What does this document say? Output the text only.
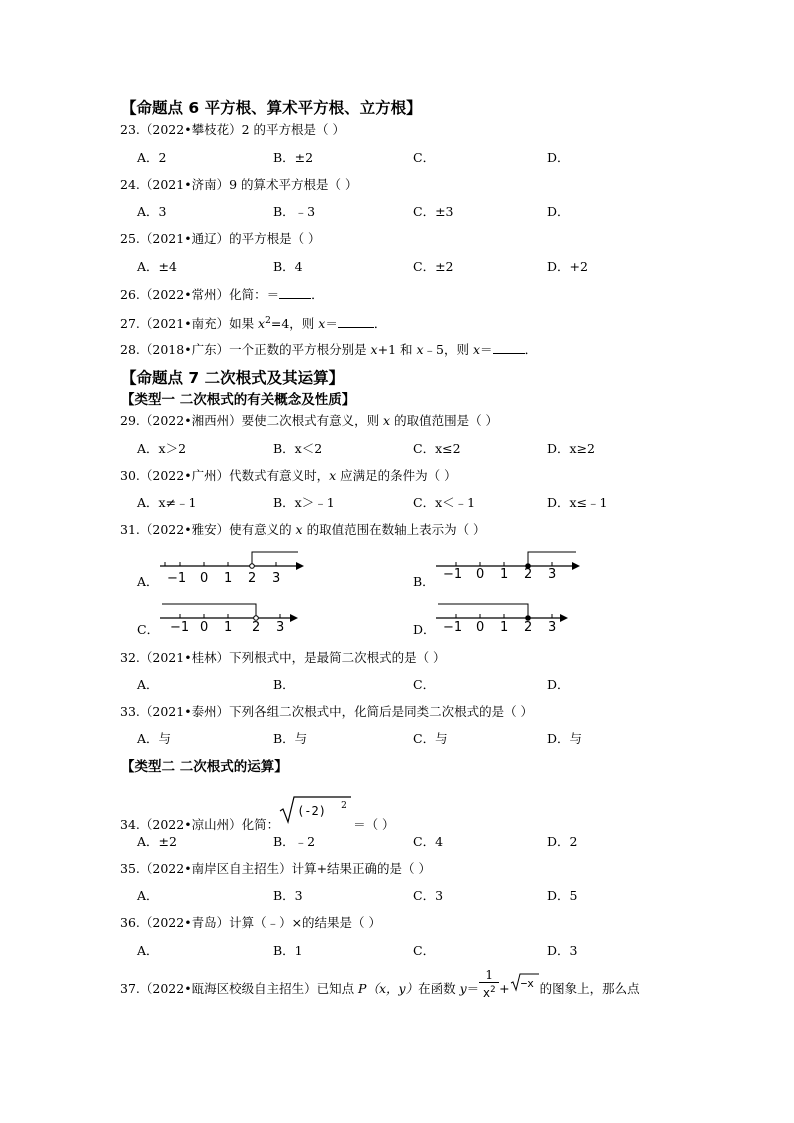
【命题点 6 平方根、算术平方根、立方根】
23.（2022•攀枝花）2 的平方根是（ ）
A．2	B．±2	C．	D．
24.（2021•济南）9 的算术平方根是（ ）
A．3	B．﹣3	C．±3	D．
25.（2021•通辽）的平方根是（ ）
A．±4	B．4	C．±2	D．+2
26.（2022•常州）化简：＝	．
27.（2021•南充）如果 $x^2=4$，则 x＝	．
28.（2018•广东）一个正数的平方根分别是 x+1 和 x﹣5，则 x＝	．
【命题点 7 二次根式及其运算】
【类型一 二次根式的有关概念及性质】
29.（2022•湘西州）要使二次根式有意义，则 x 的取值范围是（ ）
A．x＞2	B．x＜2	C．x≤2	D．x≥2
30.（2022•广州）代数式有意义时，x 应满足的条件为（ ）
A．x≠﹣1	B．x＞﹣1	C．x＜﹣1	D．x≤﹣1
31.（2022•雅安）使有意义的 x 的取值范围在数轴上表示为（ ）
A．	B．
C．	D．
−1 0 1 2 3	−1 0 1 2 3
−1 0 1 2 3	−1 0 1 2 3
32.（2021•桂林）下列根式中，是最简二次根式的是（ ）
A．	B．	C．	D．
33.（2021•泰州）下列各组二次根式中，化简后是同类二次根式的是（ ）
A．与	B．与	C．与	D．与
【类型二 二次根式的运算】
34.（2022•凉山州）化简：
(-2) 2
＝（ ）
A．±2	B．﹣2	C．4	D．2
35.（2022•南岸区自主招生）计算+结果正确的是（ ）
A．	B．3	C．3	D．5
36.（2022•青岛）计算（﹣）×的结果是（ ）
A．	B．1	C．	D．3
37.（2022•瓯海区校级自主招生）已知点 P（x，y）在函数 $y= \frac{1}{x^2} + -x$ 的图象上，那么点
